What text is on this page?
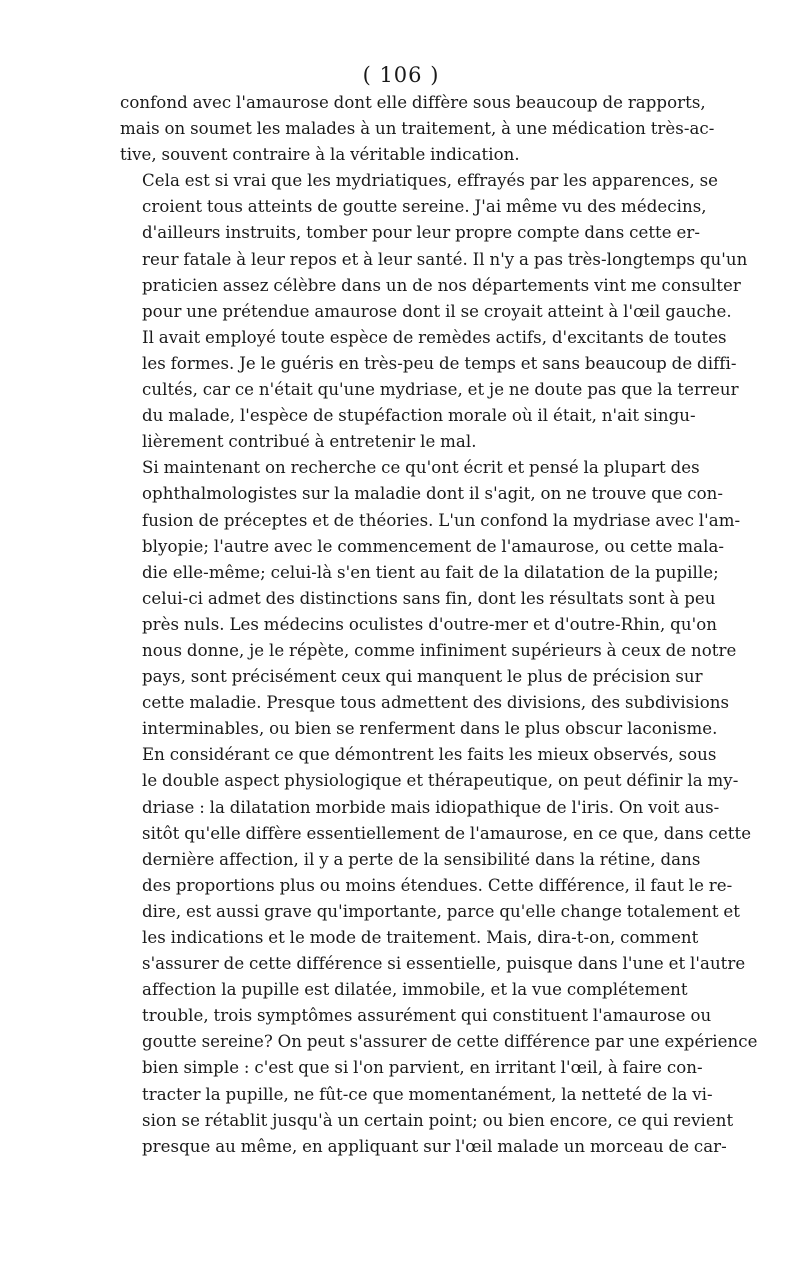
( 106 )

confond avec l'amaurose dont elle diffère sous beaucoup de rapports,
mais on soumet les malades à un traitement, à une médication très-ac-
tive, souvent contraire à la véritable indication.

Cela est si vrai que les mydriatiques, effrayés par les apparences, se
croient tous atteints de goutte sereine. J'ai même vu des médecins,
d'ailleurs instruits, tomber pour leur propre compte dans cette er-
reur fatale à leur repos et à leur santé. Il n'y a pas très-longtemps qu'un
praticien assez célèbre dans un de nos départements vint me consulter
pour une prétendue amaurose dont il se croyait atteint à l'œil gauche.
Il avait employé toute espèce de remèdes actifs, d'excitants de toutes
les formes. Je le guéris en très-peu de temps et sans beaucoup de diffi-
cultés, car ce n'était qu'une mydriase, et je ne doute pas que la terreur
du malade, l'espèce de stupéfaction morale où il était, n'ait singu-
lièrement contribué à entretenir le mal.

Si maintenant on recherche ce qu'ont écrit et pensé la plupart des
ophthalmologistes sur la maladie dont il s'agit, on ne trouve que con-
fusion de préceptes et de théories. L'un confond la mydriase avec l'am-
blyopie; l'autre avec le commencement de l'amaurose, ou cette mala-
die elle-même; celui-là s'en tient au fait de la dilatation de la pupille;
celui-ci admet des distinctions sans fin, dont les résultats sont à peu
près nuls. Les médecins oculistes d'outre-mer et d'outre-Rhin, qu'on
nous donne, je le répète, comme infiniment supérieurs à ceux de notre
pays, sont précisément ceux qui manquent le plus de précision sur
cette maladie. Presque tous admettent des divisions, des subdivisions
interminables, ou bien se renferment dans le plus obscur laconisme.

En considérant ce que démontrent les faits les mieux observés, sous
le double aspect physiologique et thérapeutique, on peut définir la my-
driase : la dilatation morbide mais idiopathique de l'iris. On voit aus-
sitôt qu'elle diffère essentiellement de l'amaurose, en ce que, dans cette
dernière affection, il y a perte de la sensibilité dans la rétine, dans
des proportions plus ou moins étendues. Cette différence, il faut le re-
dire, est aussi grave qu'importante, parce qu'elle change totalement et
les indications et le mode de traitement. Mais, dira-t-on, comment
s'assurer de cette différence si essentielle, puisque dans l'une et l'autre
affection la pupille est dilatée, immobile, et la vue complétement
trouble, trois symptômes assurément qui constituent l'amaurose ou
goutte sereine? On peut s'assurer de cette différence par une expérience
bien simple : c'est que si l'on parvient, en irritant l'œil, à faire con-
tracter la pupille, ne fût-ce que momentanément, la netteté de la vi-
sion se rétablit jusqu'à un certain point; ou bien encore, ce qui revient
presque au même, en appliquant sur l'œil malade un morceau de car-
